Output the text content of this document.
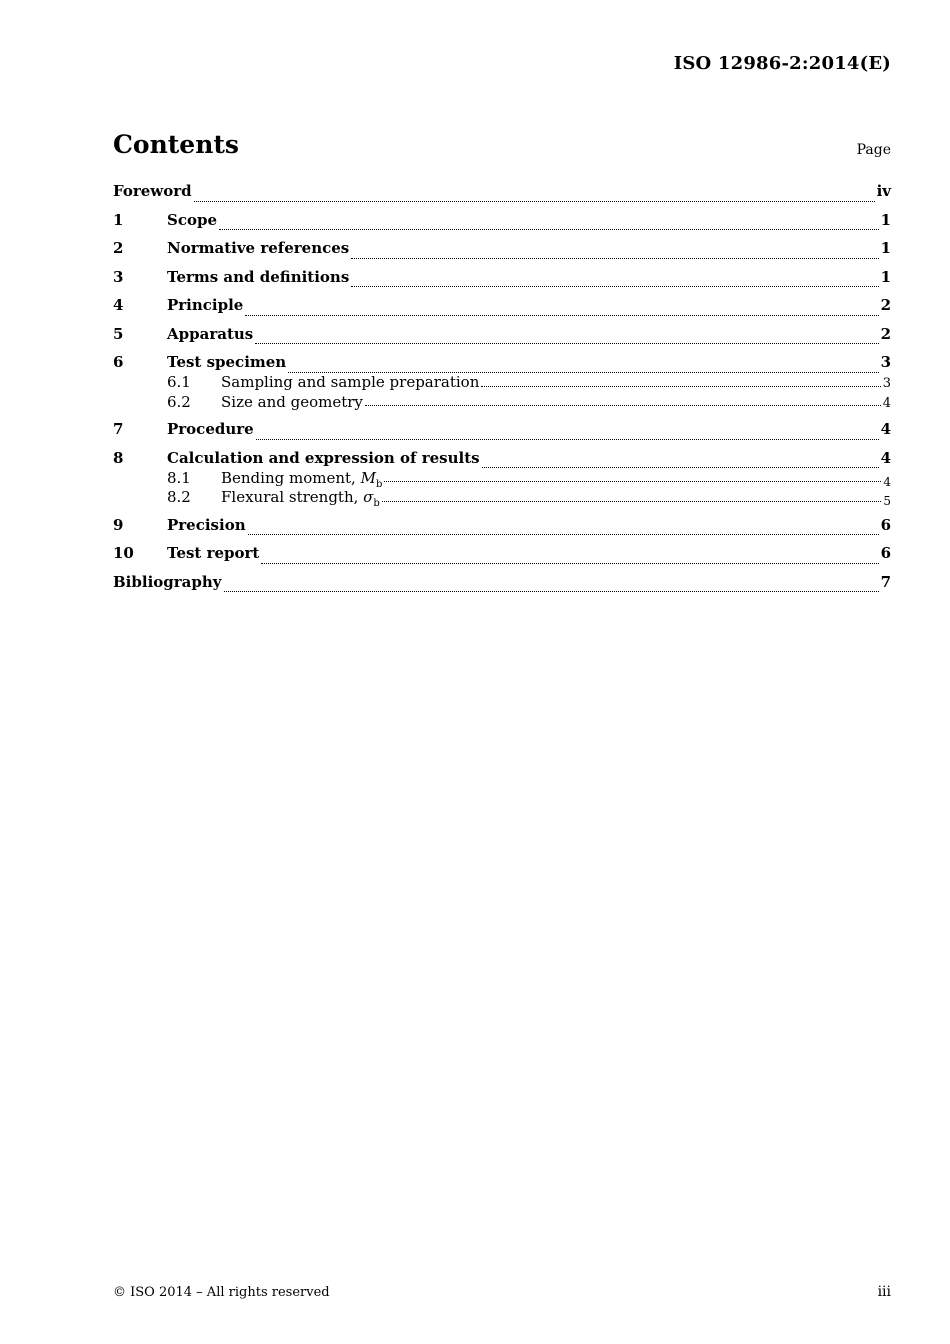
ISO 12986-2:2014(E)
Contents	Page
Foreword	iv
1	Scope	1
2	Normative references	1
3	Terms and definitions	1
4	Principle	2
5	Apparatus	2
6	Test specimen	3
6.1	Sampling and sample preparation	3
6.2	Size and geometry	4
7	Procedure	4
8	Calculation and expression of results	4
8.1	Bending moment, $M_b$	4
8.2	Flexural strength, $\sigma_b$	5
9	Precision	6
10	Test report	6
Bibliography	7
© ISO 2014 – All rights reserved	iii
